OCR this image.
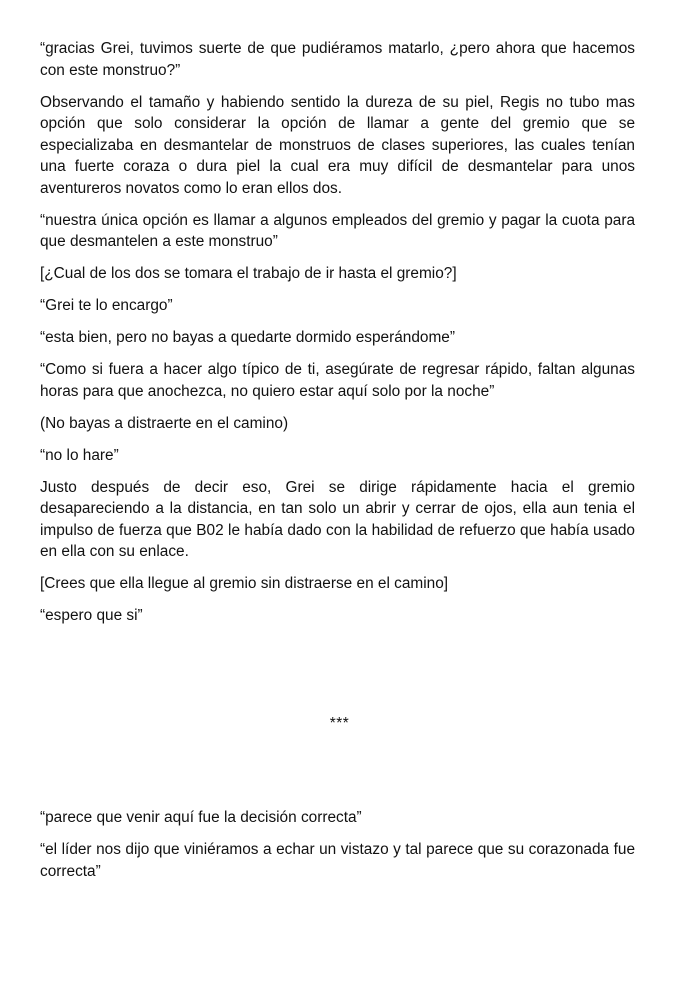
“gracias Grei, tuvimos suerte de que pudiéramos matarlo, ¿pero ahora que hacemos con este monstruo?”

Observando el tamaño y habiendo sentido la dureza de su piel, Regis no tubo mas opción que solo considerar la opción de llamar a gente del gremio que se especializaba en desmantelar de monstruos de clases superiores, las cuales tenían una fuerte coraza o dura piel la cual era muy difícil de desmantelar para unos aventureros novatos como lo eran ellos dos.

“nuestra única opción es llamar a algunos empleados del gremio y pagar la cuota para que desmantelen a este monstruo”

[¿Cual de los dos se tomara el trabajo de ir hasta el gremio?]

“Grei te lo encargo”

“esta bien, pero no bayas a quedarte dormido esperándome”

“Como si fuera a hacer algo típico de ti, asegúrate de regresar rápido, faltan algunas horas para que anochezca, no quiero estar aquí solo por la noche”

(No bayas a distraerte en el camino)

“no lo hare”

Justo después de decir eso, Grei se dirige rápidamente hacia el gremio desapareciendo a la distancia, en tan solo un abrir y cerrar de ojos, ella aun tenia el impulso de fuerza que B02 le había dado con la habilidad de refuerzo que había usado en ella con su enlace.

[Crees que ella llegue al gremio sin distraerse en el camino]

“espero que si”

***

“parece que venir aquí fue la decisión correcta”

“el líder nos dijo que viniéramos a echar un vistazo y tal parece que su corazonada fue correcta”
